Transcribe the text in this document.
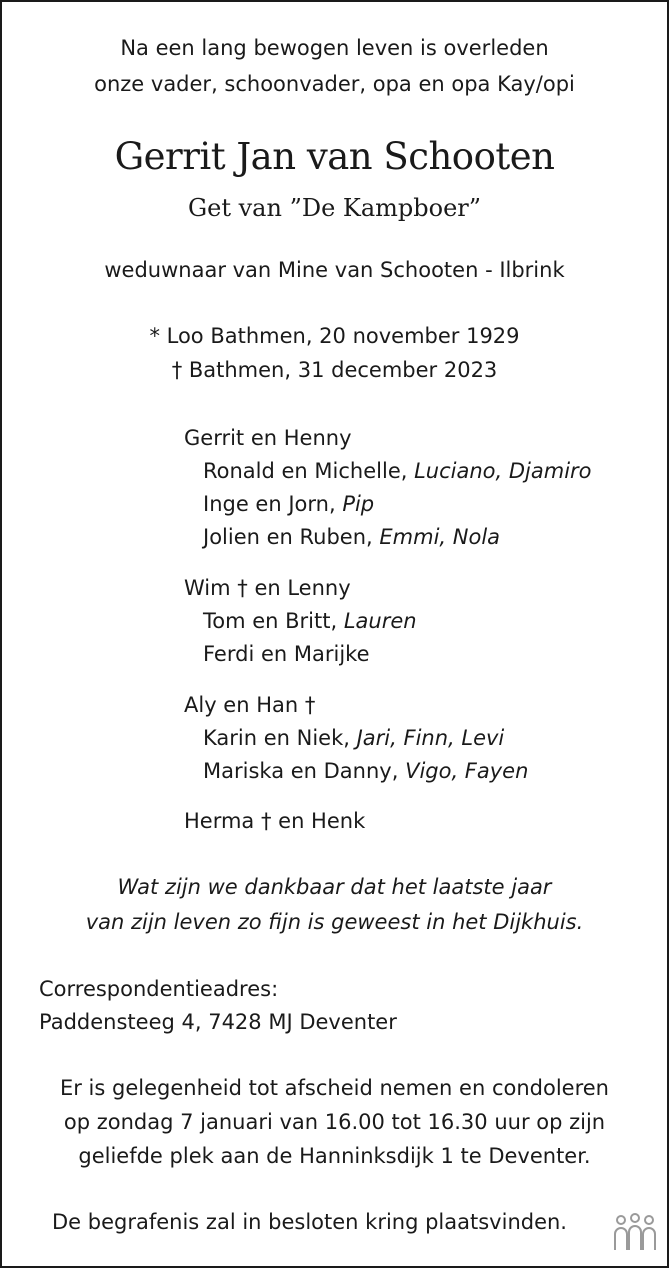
Na een lang bewogen leven is overleden
onze vader, schoonvader, opa en opa Kay/opi
Gerrit Jan van Schooten
Get van ”De Kampboer”
weduwnaar van Mine van Schooten - Ilbrink
* Loo Bathmen, 20 november 1929
† Bathmen, 31 december 2023
Gerrit en Henny
Ronald en Michelle, Luciano, Djamiro
Inge en Jorn, Pip
Jolien en Ruben, Emmi, Nola
Wim † en Lenny
Tom en Britt, Lauren
Ferdi en Marijke
Aly en Han †
Karin en Niek, Jari, Finn, Levi
Mariska en Danny, Vigo, Fayen
Herma † en Henk
Wat zijn we dankbaar dat het laatste jaar
van zijn leven zo fijn is geweest in het Dijkhuis.
Correspondentieadres:
Paddensteeg 4, 7428 MJ Deventer
Er is gelegenheid tot afscheid nemen en condoleren
op zondag 7 januari van 16.00 tot 16.30 uur op zijn
geliefde plek aan de Hanninksdijk 1 te Deventer.
De begrafenis zal in besloten kring plaatsvinden.
